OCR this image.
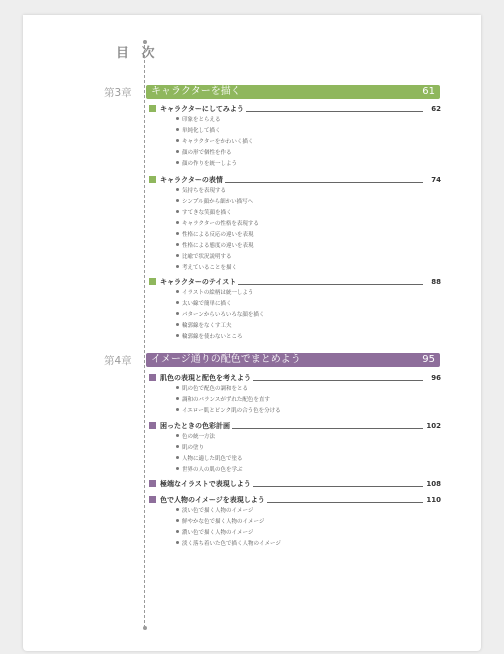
目 次
第3章	キャラクターを描く	61
キャラクターにしてみよう	62
印象をとらえる
単純化して描く
キャラクターをかわいく描く
顔の形で個性を作る
顔の作りを統一しよう
キャラクターの表情	74
気持ちを表現する
シンプル顔から細かい描写へ
すてきな笑顔を描く
キャラクターの性格を表現する
性格による反応の違いを表現
性格による態度の違いを表現
比喩で状況説明する
考えていることを描く
キャラクターのテイスト	88
イラストの絵柄は統一しよう
太い線で簡単に描く
パターンからいろいろな顔を描く
輪郭線をなくす工夫
輪郭線を使わないところ
第4章	イメージ通りの配色でまとめよう	95
肌色の表現と配色を考えよう	96
肌の色で配色の調和をとる
調和のバランスがずれた配色を直す
イエロー肌とピンク肌の合う色を分ける
困ったときの色彩計画	102
色の統一方法
肌の塗り
人物に適した肌色で塗る
世界の人の肌の色を学ぶ
極端なイラストで表現しよう	108
色で人物のイメージを表現しよう	110
淡い色で描く人物のイメージ
鮮やかな色で描く人物のイメージ
濃い色で描く人物のイメージ
淡く落ち着いた色で描く人物のイメージ
